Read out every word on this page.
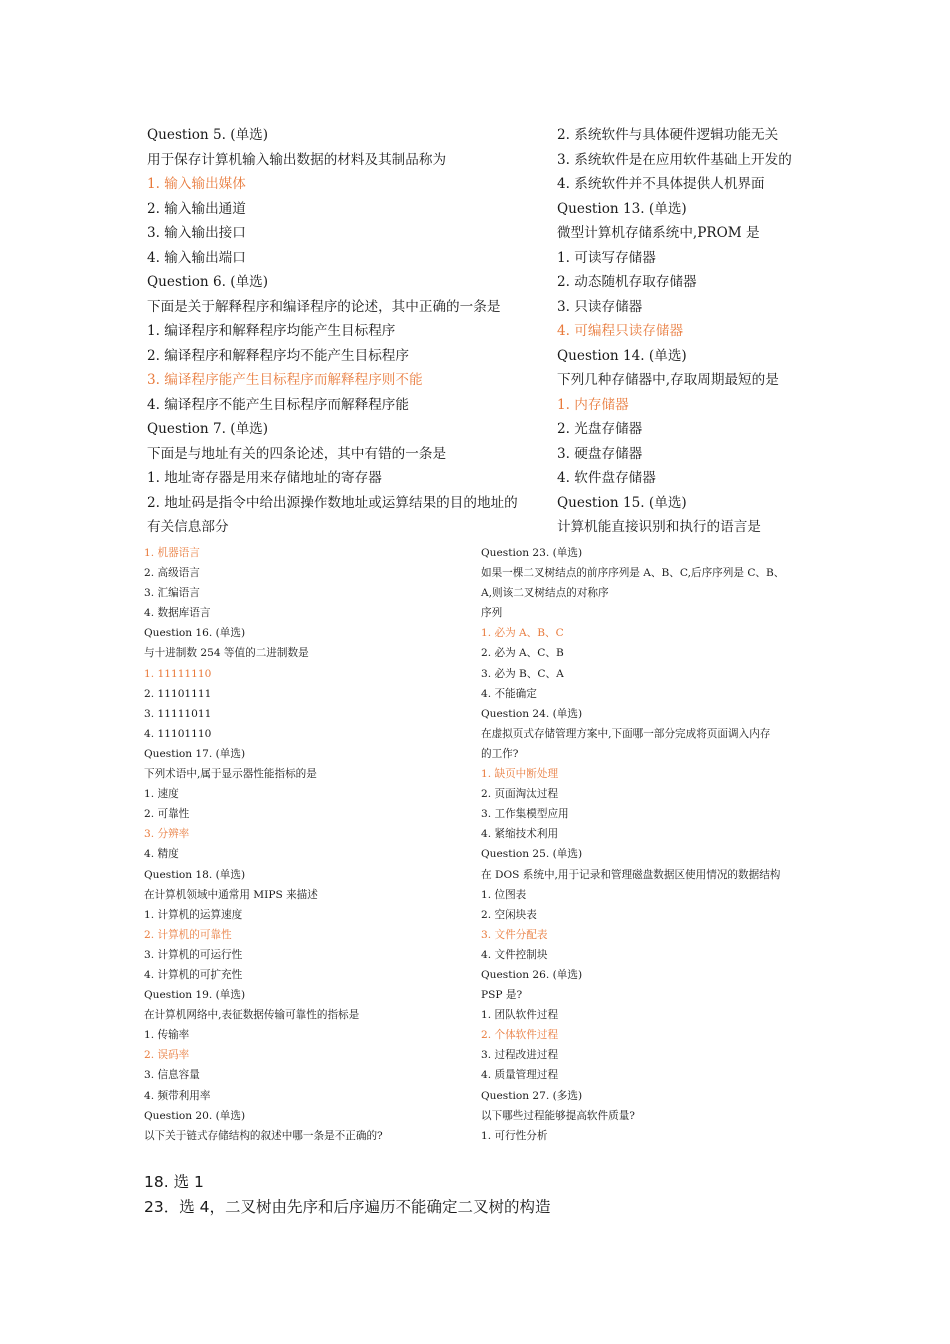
Question 5. (单选)
用于保存计算机输入输出数据的材料及其制品称为
1. 输入输出媒体
2. 输入输出通道
3. 输入输出接口
4. 输入输出端口
Question 6. (单选)
下面是关于解释程序和编译程序的论述，其中正确的一条是
1. 编译程序和解释程序均能产生目标程序
2. 编译程序和解释程序均不能产生目标程序
3. 编译程序能产生目标程序而解释程序则不能
4. 编译程序不能产生目标程序而解释程序能
Question 7. (单选)
下面是与地址有关的四条论述，其中有错的一条是
1. 地址寄存器是用来存储地址的寄存器
2. 地址码是指令中给出源操作数地址或运算结果的目的地址的
有关信息部分
2. 系统软件与具体硬件逻辑功能无关
3. 系统软件是在应用软件基础上开发的
4. 系统软件并不具体提供人机界面
Question 13. (单选)
微型计算机存储系统中,PROM 是
1. 可读写存储器
2. 动态随机存取存储器
3. 只读存储器
4. 可编程只读存储器
Question 14. (单选)
下列几种存储器中,存取周期最短的是
1. 内存储器
2. 光盘存储器
3. 硬盘存储器
4. 软件盘存储器
Question 15. (单选)
计算机能直接识别和执行的语言是
1. 机器语言
2. 高级语言
3. 汇编语言
4. 数据库语言
Question 16. (单选)
与十进制数 254 等值的二进制数是
1. 11111110
2. 11101111
3. 11111011
4. 11101110
Question 17. (单选)
下列术语中,属于显示器性能指标的是
1. 速度
2. 可靠性
3. 分辨率
4. 精度
Question 18. (单选)
在计算机领域中通常用 MIPS 来描述
1. 计算机的运算速度
2. 计算机的可靠性
3. 计算机的可运行性
4. 计算机的可扩充性
Question 19. (单选)
在计算机网络中,表征数据传输可靠性的指标是
1. 传输率
2. 误码率
3. 信息容量
4. 频带利用率
Question 20. (单选)
以下关于链式存储结构的叙述中哪一条是不正确的?
Question 23. (单选)
如果一棵二叉树结点的前序序列是 A、B、C,后序序列是 C、B、
A,则该二叉树结点的对称序
序列
1. 必为 A、B、C
2. 必为 A、C、B
3. 必为 B、C、A
4. 不能确定
Question 24. (单选)
在虚拟页式存储管理方案中,下面哪一部分完成将页面调入内存
的工作?
1. 缺页中断处理
2. 页面淘汰过程
3. 工作集模型应用
4. 紧缩技术利用
Question 25. (单选)
在 DOS 系统中,用于记录和管理磁盘数据区使用情况的数据结构
1. 位图表
2. 空闲块表
3. 文件分配表
4. 文件控制块
Question 26. (单选)
PSP 是?
1. 团队软件过程
2. 个体软件过程
3. 过程改进过程
4. 质量管理过程
Question 27. (多选)
以下哪些过程能够提高软件质量?
1. 可行性分析
18. 选 1
23．选 4，二叉树由先序和后序遍历不能确定二叉树的构造
